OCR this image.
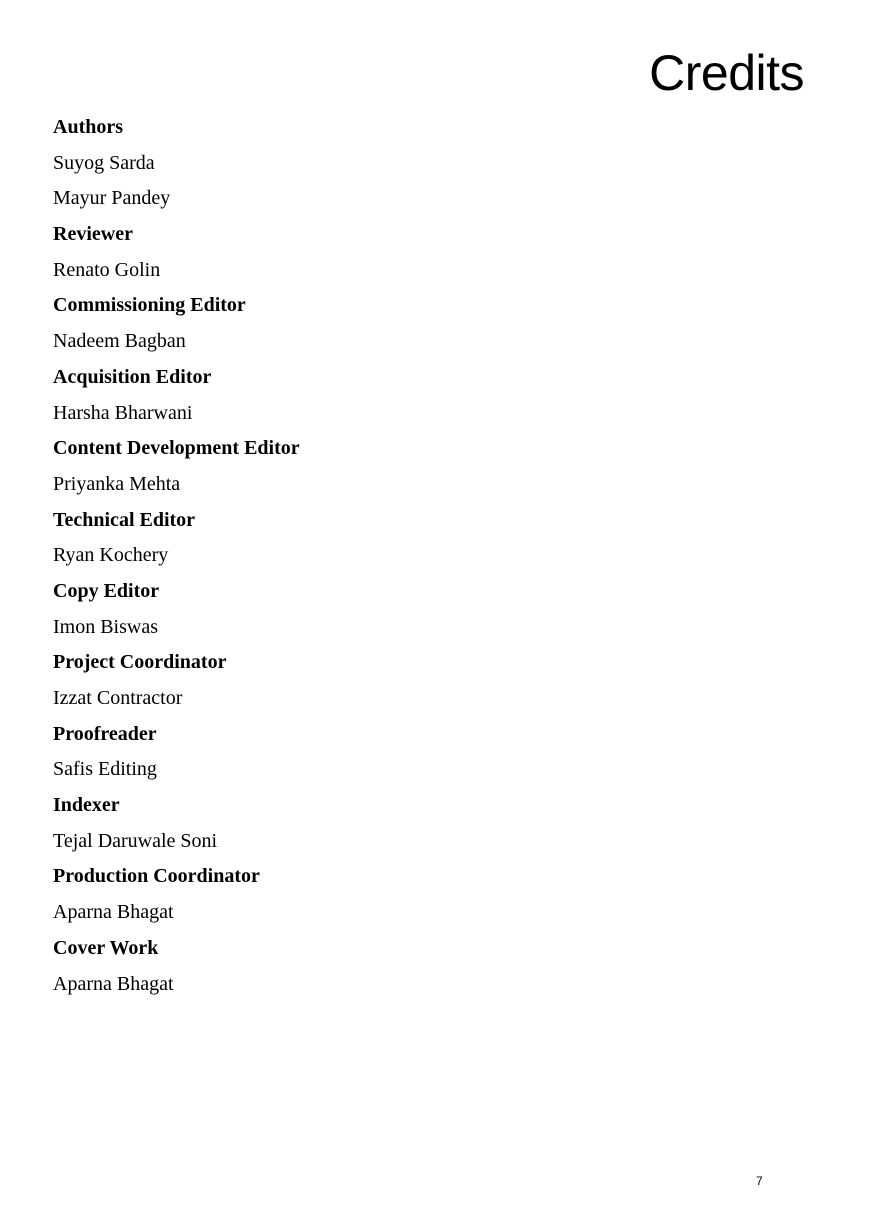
Credits
Authors
Suyog Sarda
Mayur Pandey
Reviewer
Renato Golin
Commissioning Editor
Nadeem Bagban
Acquisition Editor
Harsha Bharwani
Content Development Editor
Priyanka Mehta
Technical Editor
Ryan Kochery
Copy Editor
Imon Biswas
Project Coordinator
Izzat Contractor
Proofreader
Safis Editing
Indexer
Tejal Daruwale Soni
Production Coordinator
Aparna Bhagat
Cover Work
Aparna Bhagat
7
